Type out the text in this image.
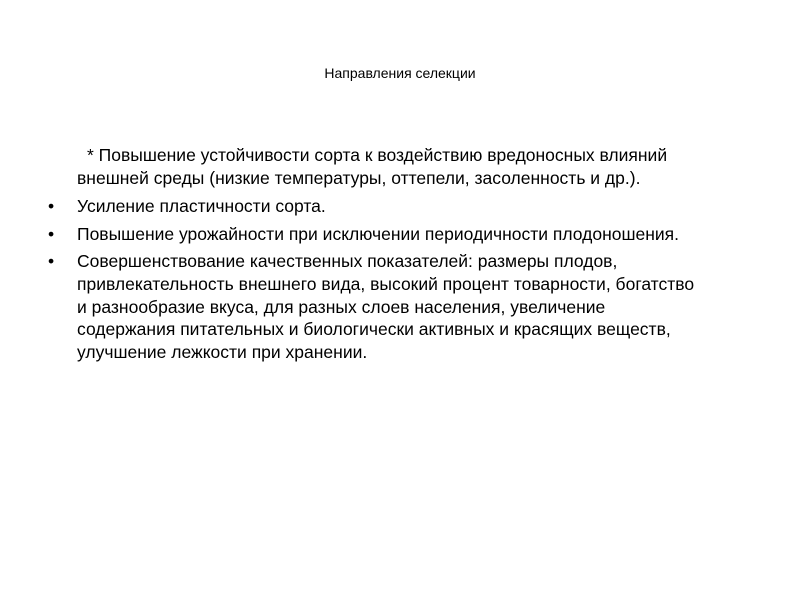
Направления селекции

* Повышение устойчивости сорта к воздействию вредоносных влияний внешней среды (низкие температуры, оттепели, засоленность и др.).

•	Усиление пластичности сорта.
•	Повышение урожайности при исключении периодичности плодоношения.
•	Совершенствование качественных показателей: размеры плодов, привлекательность внешнего вида, высокий процент товарности, богатство и разнообразие вкуса, для разных слоев населения, увеличение содержания питательных и биологически активных и красящих веществ, улучшение лежкости при хранении.
